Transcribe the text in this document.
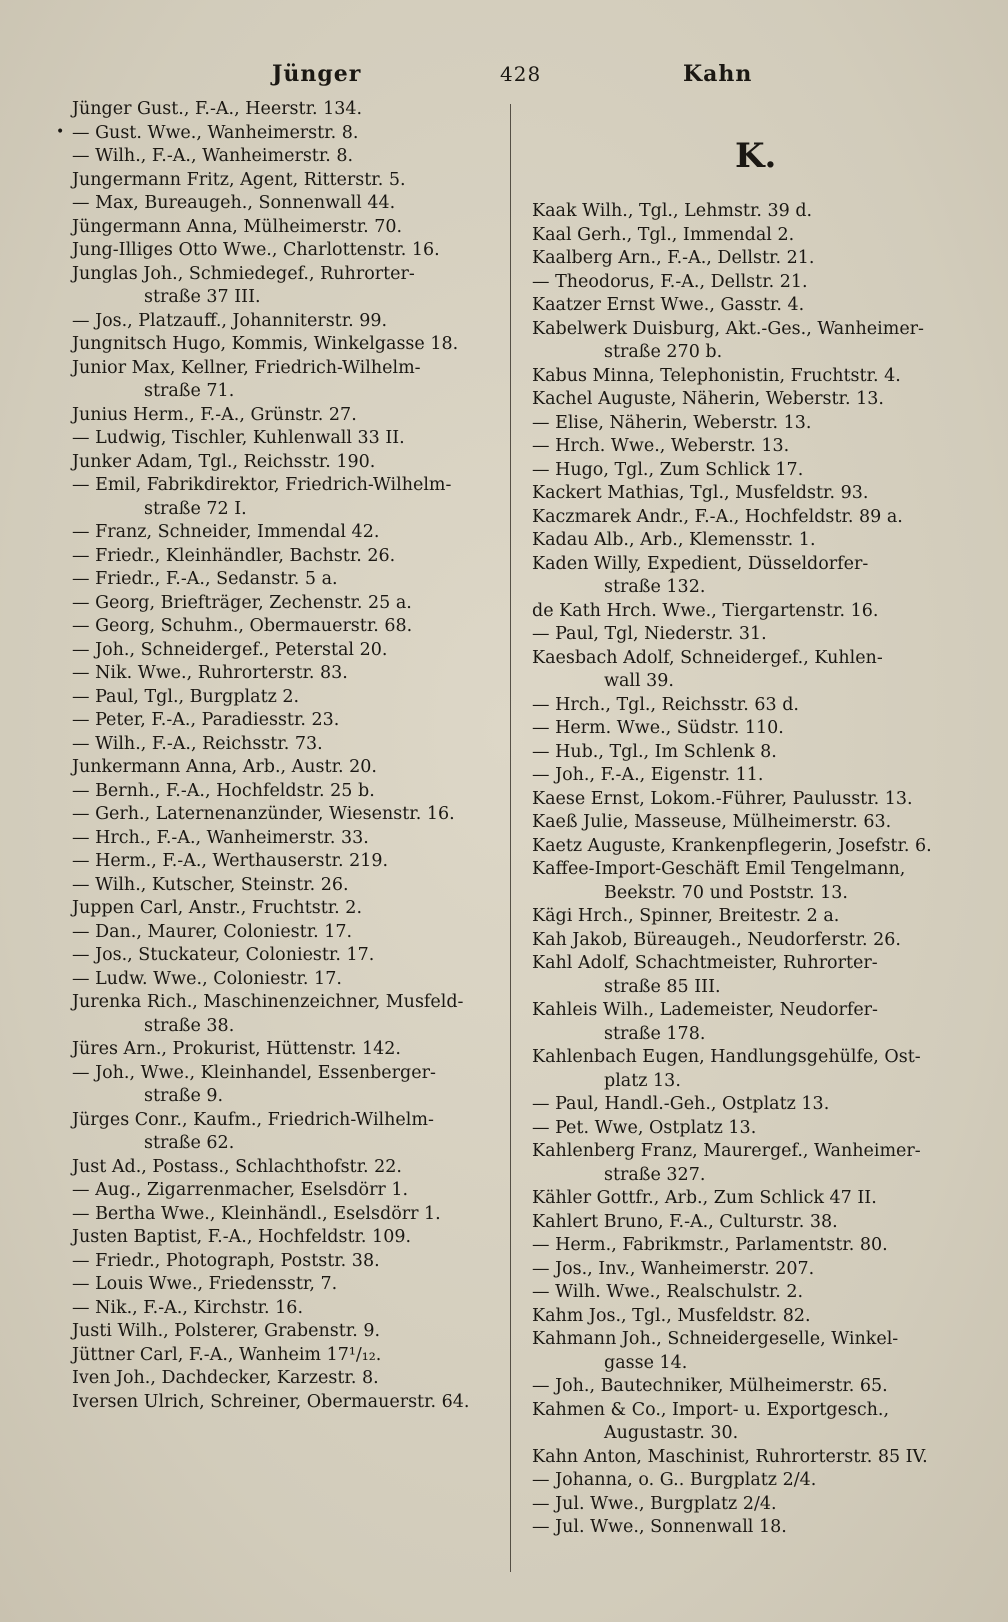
Jünger	428	Kahn
•
Jünger Gust., F.-A., Heerstr. 134.
— Gust. Wwe., Wanheimerstr. 8.
— Wilh., F.-A., Wanheimerstr. 8.
Jungermann Fritz, Agent, Ritterstr. 5.
— Max, Bureaugeh., Sonnenwall 44.
Jüngermann Anna, Mülheimerstr. 70.
Jung-Illiges Otto Wwe., Charlottenstr. 16.
Junglas Joh., Schmiedegef., Ruhrorter-
straße 37 III.
— Jos., Platzauff., Johanniterstr. 99.
Jungnitsch Hugo, Kommis, Winkelgasse 18.
Junior Max, Kellner, Friedrich-Wilhelm-
straße 71.
Junius Herm., F.-A., Grünstr. 27.
— Ludwig, Tischler, Kuhlenwall 33 II.
Junker Adam, Tgl., Reichsstr. 190.
— Emil, Fabrikdirektor, Friedrich-Wilhelm-
straße 72 I.
— Franz, Schneider, Immendal 42.
— Friedr., Kleinhändler, Bachstr. 26.
— Friedr., F.-A., Sedanstr. 5 a.
— Georg, Briefträger, Zechenstr. 25 a.
— Georg, Schuhm., Obermauerstr. 68.
— Joh., Schneidergef., Peterstal 20.
— Nik. Wwe., Ruhrorterstr. 83.
— Paul, Tgl., Burgplatz 2.
— Peter, F.-A., Paradiesstr. 23.
— Wilh., F.-A., Reichsstr. 73.
Junkermann Anna, Arb., Austr. 20.
— Bernh., F.-A., Hochfeldstr. 25 b.
— Gerh., Laternenanzünder, Wiesenstr. 16.
— Hrch., F.-A., Wanheimerstr. 33.
— Herm., F.-A., Werthauserstr. 219.
— Wilh., Kutscher, Steinstr. 26.
Juppen Carl, Anstr., Fruchtstr. 2.
— Dan., Maurer, Coloniestr. 17.
— Jos., Stuckateur, Coloniestr. 17.
— Ludw. Wwe., Coloniestr. 17.
Jurenka Rich., Maschinenzeichner, Musfeld-
straße 38.
Jüres Arn., Prokurist, Hüttenstr. 142.
— Joh., Wwe., Kleinhandel, Essenberger-
straße 9.
Jürges Conr., Kaufm., Friedrich-Wilhelm-
straße 62.
Just Ad., Postass., Schlachthofstr. 22.
— Aug., Zigarrenmacher, Eselsdörr 1.
— Bertha Wwe., Kleinhändl., Eselsdörr 1.
Justen Baptist, F.-A., Hochfeldstr. 109.
— Friedr., Photograph, Poststr. 38.
— Louis Wwe., Friedensstr, 7.
— Nik., F.-A., Kirchstr. 16.
Justi Wilh., Polsterer, Grabenstr. 9.
Jüttner Carl, F.-A., Wanheim 17¹/₁₂.
Iven Joh., Dachdecker, Karzestr. 8.
Iversen Ulrich, Schreiner, Obermauerstr. 64.
K.
Kaak Wilh., Tgl., Lehmstr. 39 d.
Kaal Gerh., Tgl., Immendal 2.
Kaalberg Arn., F.-A., Dellstr. 21.
— Theodorus, F.-A., Dellstr. 21.
Kaatzer Ernst Wwe., Gasstr. 4.
Kabelwerk Duisburg, Akt.-Ges., Wanheimer-
straße 270 b.
Kabus Minna, Telephonistin, Fruchtstr. 4.
Kachel Auguste, Näherin, Weberstr. 13.
— Elise, Näherin, Weberstr. 13.
— Hrch. Wwe., Weberstr. 13.
— Hugo, Tgl., Zum Schlick 17.
Kackert Mathias, Tgl., Musfeldstr. 93.
Kaczmarek Andr., F.-A., Hochfeldstr. 89 a.
Kadau Alb., Arb., Klemensstr. 1.
Kaden Willy, Expedient, Düsseldorfer-
straße 132.
de Kath Hrch. Wwe., Tiergartenstr. 16.
— Paul, Tgl, Niederstr. 31.
Kaesbach Adolf, Schneidergef., Kuhlen-
wall 39.
— Hrch., Tgl., Reichsstr. 63 d.
— Herm. Wwe., Südstr. 110.
— Hub., Tgl., Im Schlenk 8.
— Joh., F.-A., Eigenstr. 11.
Kaese Ernst, Lokom.-Führer, Paulusstr. 13.
Kaeß Julie, Masseuse, Mülheimerstr. 63.
Kaetz Auguste, Krankenpflegerin, Josefstr. 6.
Kaffee-Import-Geschäft Emil Tengelmann,
Beekstr. 70 und Poststr. 13.
Kägi Hrch., Spinner, Breitestr. 2 a.
Kah Jakob, Büreaugeh., Neudorferstr. 26.
Kahl Adolf, Schachtmeister, Ruhrorter-
straße 85 III.
Kahleis Wilh., Lademeister, Neudorfer-
straße 178.
Kahlenbach Eugen, Handlungsgehülfe, Ost-
platz 13.
— Paul, Handl.-Geh., Ostplatz 13.
— Pet. Wwe, Ostplatz 13.
Kahlenberg Franz, Maurergef., Wanheimer-
straße 327.
Kähler Gottfr., Arb., Zum Schlick 47 II.
Kahlert Bruno, F.-A., Culturstr. 38.
— Herm., Fabrikmstr., Parlamentstr. 80.
— Jos., Inv., Wanheimerstr. 207.
— Wilh. Wwe., Realschulstr. 2.
Kahm Jos., Tgl., Musfeldstr. 82.
Kahmann Joh., Schneidergeselle, Winkel-
gasse 14.
— Joh., Bautechniker, Mülheimerstr. 65.
Kahmen & Co., Import- u. Exportgesch.,
Augustastr. 30.
Kahn Anton, Maschinist, Ruhrorterstr. 85 IV.
— Johanna, o. G.. Burgplatz 2/4.
— Jul. Wwe., Burgplatz 2/4.
— Jul. Wwe., Sonnenwall 18.
